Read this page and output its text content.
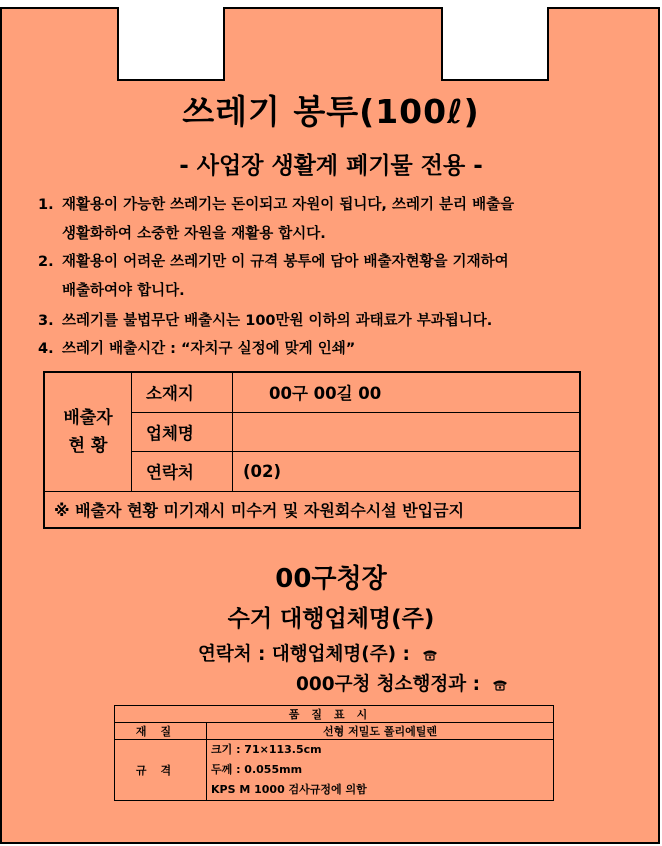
쓰레기 봉투(100ℓ)
- 사업장 생활계 폐기물 전용 -
1. 재활용이 가능한 쓰레기는 돈이되고 자원이 됩니다, 쓰레기 분리 배출을
생활화하여 소중한 자원을 재활용 합시다.
2. 재활용이 어려운 쓰레기만 이 규격 봉투에 담아 배출자현황을 기재하여
배출하여야 합니다.
3. 쓰레기를 불법무단 배출시는 100만원 이하의 과태료가 부과됩니다.
4. 쓰레기 배출시간 : “자치구 실정에 맞게 인쇄”
배출자
현 황	소재지	00구 00길 00
	업체명	
	연락처	(02)
※ 배출자 현황 미기재시 미수거 및 자원회수시설 반입금지		
00구청장
수거 대행업체명(주)
연락처 : 대행업체명(주) :
000구청 청소행정과 :
품질표시	
재질	선형 저밀도 폴리에틸렌
규격	크기 : 71×113.5cm
두께 : 0.055mm
KPS M 1000 검사규정에 의함
